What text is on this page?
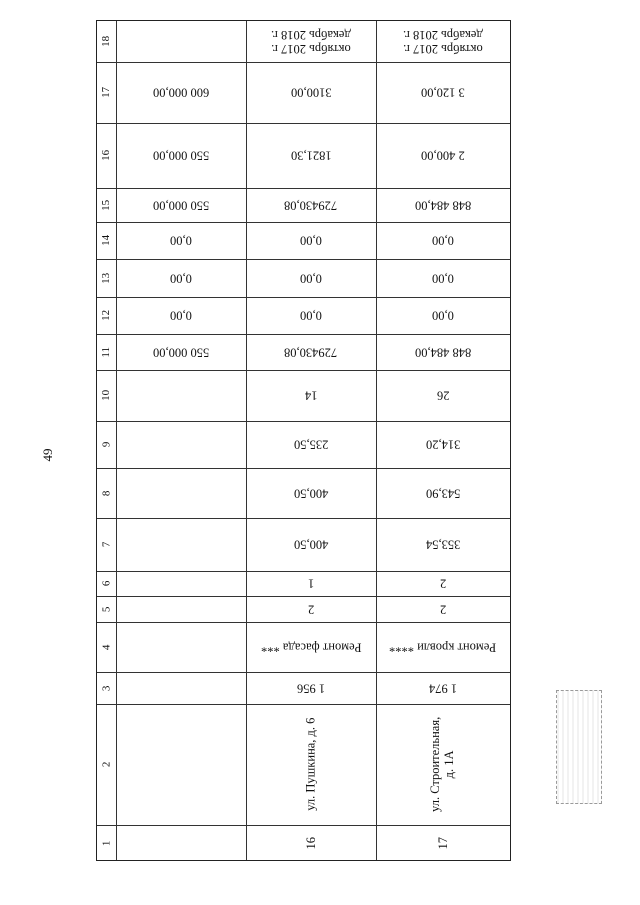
49
18
17
16
15
14
13
12
11
10
9
8
7
6
5
4
3
2
1
600 000,00
550 000,00
550 000,00
0,00
0,00
0,00
550 000,00
октябрь 2017 г.
декабрь 2018 г.
3100,00
1821,30
729430,08
0,00
0,00
0,00
729430,08
14
235,50
400,50
400,50
1
2
Ремонт фасада ***
1 956
ул. Пушкина, д. 6
16
октябрь 2017 г.
декабрь 2018 г.
3 120,00
2 400,00
848 484,00
0,00
0,00
0,00
848 484,00
26
314,20
543,90
353,54
2
2
Ремонт кровли ****
1 974
ул. Строительная, д. 1А
17
